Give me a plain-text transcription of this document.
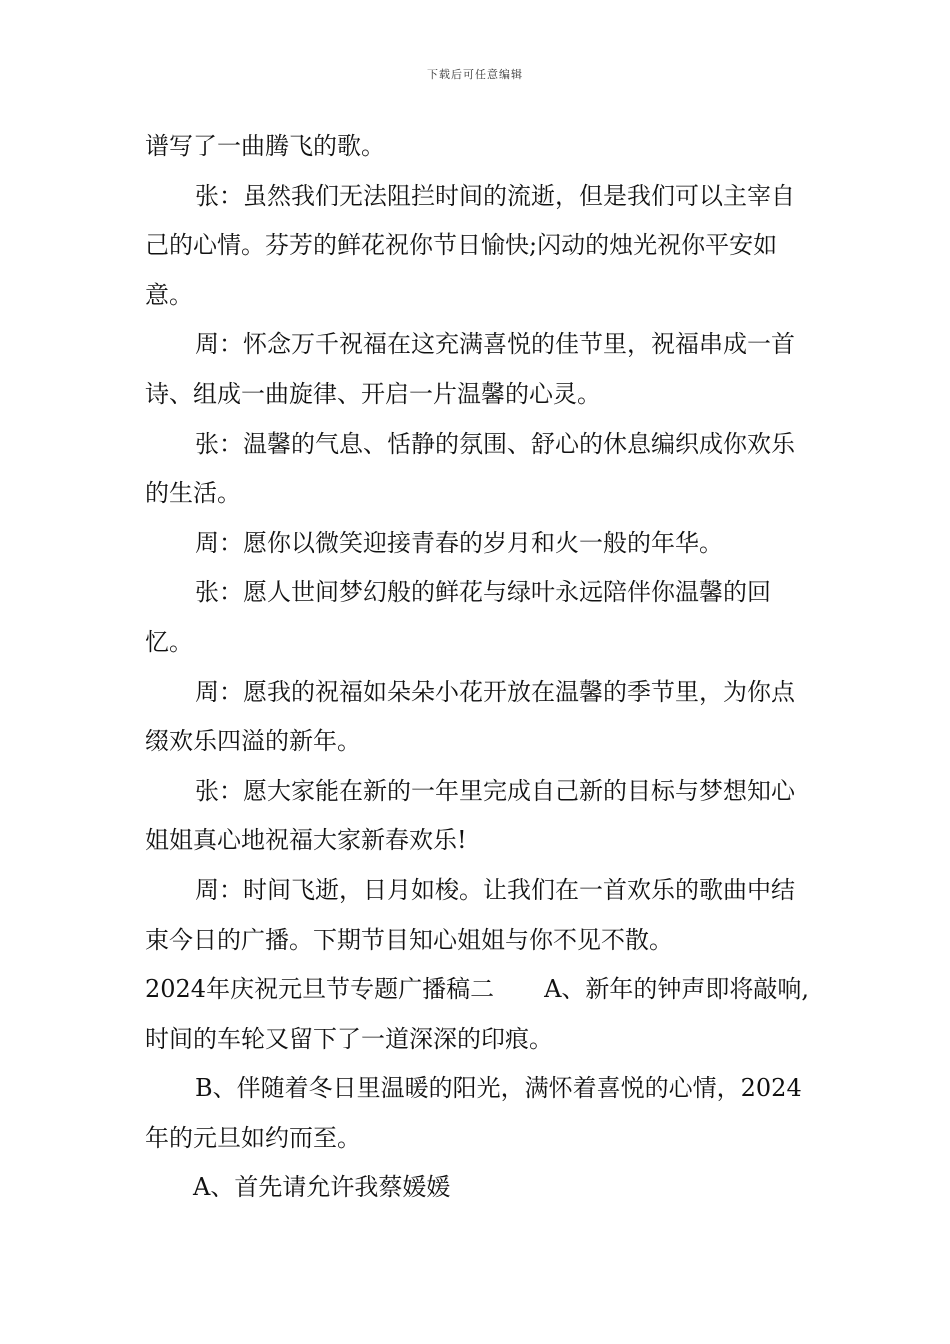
下载后可任意编辑

谱写了一曲腾飞的歌。

张：虽然我们无法阻拦时间的流逝，但是我们可以主宰自己的心情。芬芳的鲜花祝你节日愉快;闪动的烛光祝你平安如意。

周：怀念万千祝福在这充满喜悦的佳节里，祝福串成一首诗、组成一曲旋律、开启一片温馨的心灵。

张：温馨的气息、恬静的氛围、舒心的休息编织成你欢乐的生活。

周：愿你以微笑迎接青春的岁月和火一般的年华。

张：愿人世间梦幻般的鲜花与绿叶永远陪伴你温馨的回忆。

周：愿我的祝福如朵朵小花开放在温馨的季节里，为你点缀欢乐四溢的新年。

张：愿大家能在新的一年里完成自己新的目标与梦想知心姐姐真心地祝福大家新春欢乐!

周：时间飞逝，日月如梭。让我们在一首欢乐的歌曲中结束今日的广播。下期节目知心姐姐与你不见不散。

2024年庆祝元旦节专题广播稿二 A、新年的钟声即将敲响,时间的车轮又留下了一道深深的印痕。

B、伴随着冬日里温暖的阳光，满怀着喜悦的心情，2024年的元旦如约而至。

A、首先请允许我蔡媛媛
